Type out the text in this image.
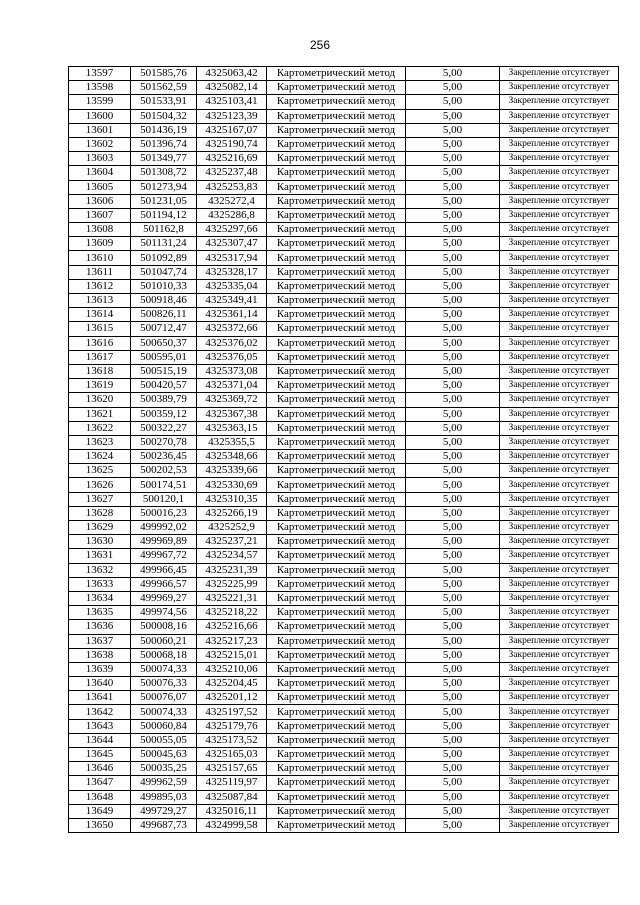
256
13597	501585,76	4325063,42	Картометрический метод	5,00	Закрепление отсутствует
13598	501562,59	4325082,14	Картометрический метод	5,00	Закрепление отсутствует
13599	501533,91	4325103,41	Картометрический метод	5,00	Закрепление отсутствует
13600	501504,32	4325123,39	Картометрический метод	5,00	Закрепление отсутствует
13601	501436,19	4325167,07	Картометрический метод	5,00	Закрепление отсутствует
13602	501396,74	4325190,74	Картометрический метод	5,00	Закрепление отсутствует
13603	501349,77	4325216,69	Картометрический метод	5,00	Закрепление отсутствует
13604	501308,72	4325237,48	Картометрический метод	5,00	Закрепление отсутствует
13605	501273,94	4325253,83	Картометрический метод	5,00	Закрепление отсутствует
13606	501231,05	4325272,4	Картометрический метод	5,00	Закрепление отсутствует
13607	501194,12	4325286,8	Картометрический метод	5,00	Закрепление отсутствует
13608	501162,8	4325297,66	Картометрический метод	5,00	Закрепление отсутствует
13609	501131,24	4325307,47	Картометрический метод	5,00	Закрепление отсутствует
13610	501092,89	4325317,94	Картометрический метод	5,00	Закрепление отсутствует
13611	501047,74	4325328,17	Картометрический метод	5,00	Закрепление отсутствует
13612	501010,33	4325335,04	Картометрический метод	5,00	Закрепление отсутствует
13613	500918,46	4325349,41	Картометрический метод	5,00	Закрепление отсутствует
13614	500826,11	4325361,14	Картометрический метод	5,00	Закрепление отсутствует
13615	500712,47	4325372,66	Картометрический метод	5,00	Закрепление отсутствует
13616	500650,37	4325376,02	Картометрический метод	5,00	Закрепление отсутствует
13617	500595,01	4325376,05	Картометрический метод	5,00	Закрепление отсутствует
13618	500515,19	4325373,08	Картометрический метод	5,00	Закрепление отсутствует
13619	500420,57	4325371,04	Картометрический метод	5,00	Закрепление отсутствует
13620	500389,79	4325369,72	Картометрический метод	5,00	Закрепление отсутствует
13621	500359,12	4325367,38	Картометрический метод	5,00	Закрепление отсутствует
13622	500322,27	4325363,15	Картометрический метод	5,00	Закрепление отсутствует
13623	500270,78	4325355,5	Картометрический метод	5,00	Закрепление отсутствует
13624	500236,45	4325348,66	Картометрический метод	5,00	Закрепление отсутствует
13625	500202,53	4325339,66	Картометрический метод	5,00	Закрепление отсутствует
13626	500174,51	4325330,69	Картометрический метод	5,00	Закрепление отсутствует
13627	500120,1	4325310,35	Картометрический метод	5,00	Закрепление отсутствует
13628	500016,23	4325266,19	Картометрический метод	5,00	Закрепление отсутствует
13629	499992,02	4325252,9	Картометрический метод	5,00	Закрепление отсутствует
13630	499969,89	4325237,21	Картометрический метод	5,00	Закрепление отсутствует
13631	499967,72	4325234,57	Картометрический метод	5,00	Закрепление отсутствует
13632	499966,45	4325231,39	Картометрический метод	5,00	Закрепление отсутствует
13633	499966,57	4325225,99	Картометрический метод	5,00	Закрепление отсутствует
13634	499969,27	4325221,31	Картометрический метод	5,00	Закрепление отсутствует
13635	499974,56	4325218,22	Картометрический метод	5,00	Закрепление отсутствует
13636	500008,16	4325216,66	Картометрический метод	5,00	Закрепление отсутствует
13637	500060,21	4325217,23	Картометрический метод	5,00	Закрепление отсутствует
13638	500068,18	4325215,01	Картометрический метод	5,00	Закрепление отсутствует
13639	500074,33	4325210,06	Картометрический метод	5,00	Закрепление отсутствует
13640	500076,33	4325204,45	Картометрический метод	5,00	Закрепление отсутствует
13641	500076,07	4325201,12	Картометрический метод	5,00	Закрепление отсутствует
13642	500074,33	4325197,52	Картометрический метод	5,00	Закрепление отсутствует
13643	500060,84	4325179,76	Картометрический метод	5,00	Закрепление отсутствует
13644	500055,05	4325173,52	Картометрический метод	5,00	Закрепление отсутствует
13645	500045,63	4325165,03	Картометрический метод	5,00	Закрепление отсутствует
13646	500035,25	4325157,65	Картометрический метод	5,00	Закрепление отсутствует
13647	499962,59	4325119,97	Картометрический метод	5,00	Закрепление отсутствует
13648	499895,03	4325087,84	Картометрический метод	5,00	Закрепление отсутствует
13649	499729,27	4325016,11	Картометрический метод	5,00	Закрепление отсутствует
13650	499687,73	4324999,58	Картометрический метод	5,00	Закрепление отсутствует
